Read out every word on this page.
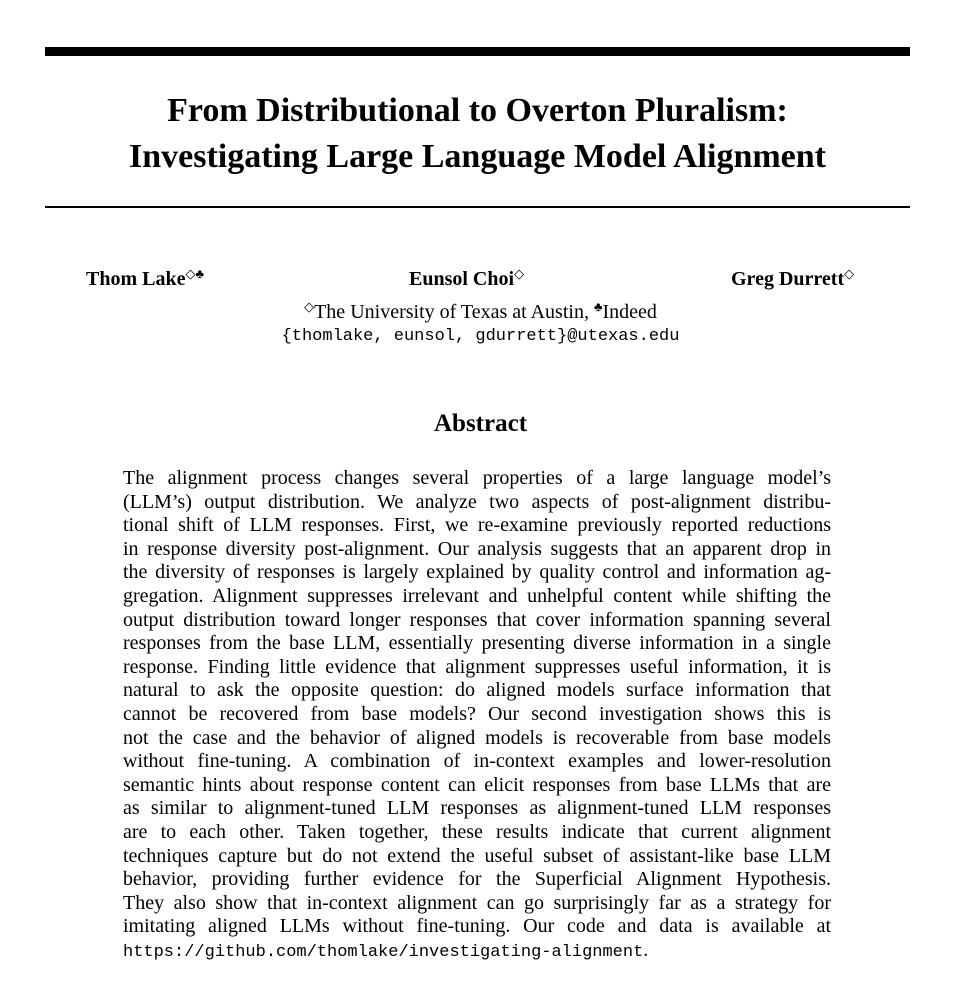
From Distributional to Overton Pluralism:
Investigating Large Language Model Alignment
Thom Lake◇♣	Eunsol Choi◇	Greg Durrett◇
◇The University of Texas at Austin, ♣Indeed
{thomlake, eunsol, gdurrett}@utexas.edu
Abstract
The alignment process changes several properties of a large language model’s
(LLM’s) output distribution. We analyze two aspects of post-alignment distribu-
tional shift of LLM responses. First, we re-examine previously reported reductions
in response diversity post-alignment. Our analysis suggests that an apparent drop in
the diversity of responses is largely explained by quality control and information ag-
gregation. Alignment suppresses irrelevant and unhelpful content while shifting the
output distribution toward longer responses that cover information spanning several
responses from the base LLM, essentially presenting diverse information in a single
response. Finding little evidence that alignment suppresses useful information, it is
natural to ask the opposite question: do aligned models surface information that
cannot be recovered from base models? Our second investigation shows this is
not the case and the behavior of aligned models is recoverable from base models
without fine-tuning. A combination of in-context examples and lower-resolution
semantic hints about response content can elicit responses from base LLMs that are
as similar to alignment-tuned LLM responses as alignment-tuned LLM responses
are to each other. Taken together, these results indicate that current alignment
techniques capture but do not extend the useful subset of assistant-like base LLM
behavior, providing further evidence for the Superficial Alignment Hypothesis.
They also show that in-context alignment can go surprisingly far as a strategy for
imitating aligned LLMs without fine-tuning. Our code and data is available at
https://github.com/thomlake/investigating-alignment.
